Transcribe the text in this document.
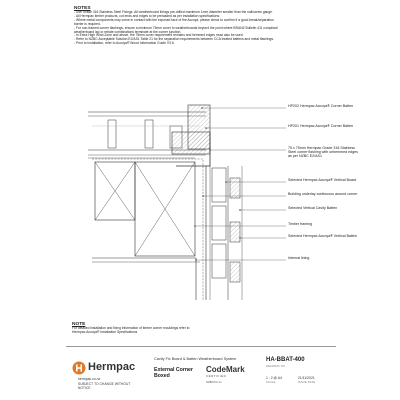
NOTES
- Use Grade 316 Stainless Steel Fixings. All weatherboard fixings pre-drilled maximum 1mm diameter smaller than the nail/screw gauge.
- All Hermpac timber products, cut ends and edges to be preloaded as per installation specifications.
- Where metal components may come in contact with the exposed face of the Accoya, please check to confirm if a good break/separation barrier is required.
- For non-framed corner flashings, ensure a minimum 75mm cover to weatherboards beyond the point where BRANZ Bulletin 411 compliant weatherboard lap or rebate combinations terminate at the corner junction.
- In Extra High Wind Zone and above, the 75mm cover requirement remains and hemmed edges must also be used.
- Refer to NZBC Acceptable Solution E2/AS1 Table 21 for the separation requirements between CCA treated battens and metal flashings.
- Prior to installation, refer to Accoya® Wood Information Guide V3.6.
HP202 Hermpac Accoya® Corner Batten
HP201 Hermpac Accoya® Corner Batten
75 x 75mm Hermpac Grade 316 Stainless Steel corner flashing with unhemmed edges as per NZBC E2/AS1
Selected Hermpac Accoya® Vertical Board
Building underlay continuous around corner
Selected Vertical Cavity Batten
Timber framing
Selected Hermpac Accoya® Vertical Batten
Internal lining
NOTE

For detailed installation and fixing information of timber corner mouldings refer to

Hermpac Accoya® Installation Specifications

Hermpac
hermpac.co.nz
SUBJECT TO CHANGE WITHOUT NOTICE
Cavity Fix Board & Batten Weatherboard System
External Corner Boxed
CodeMark
CERTIFIED
NZBC/CC-H
HA-BBAT-400
DRAWING NO
1 : 2 @ A4
SCALE
21/11/2021
ISSUE DATE
